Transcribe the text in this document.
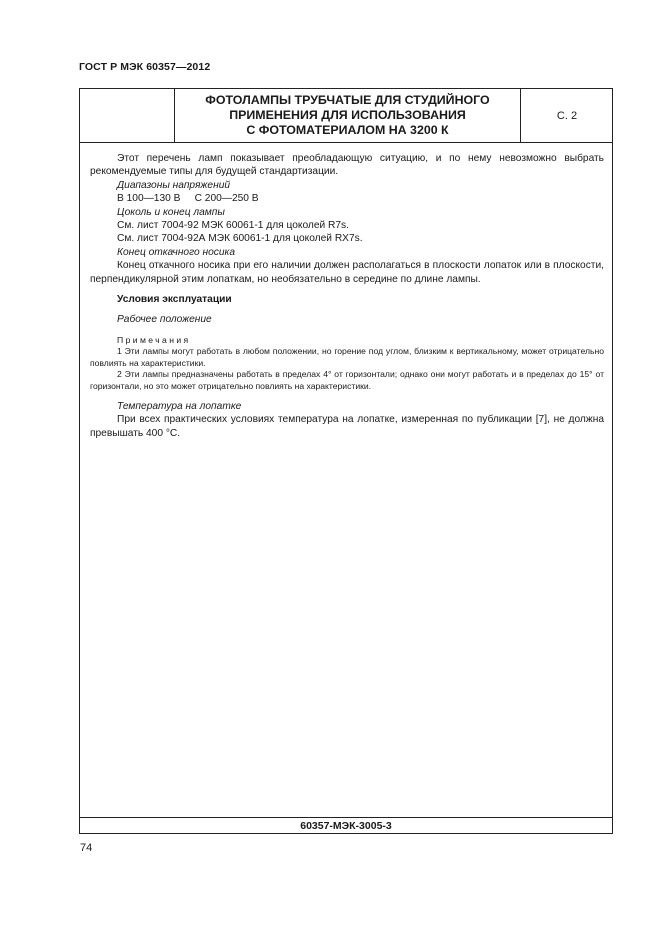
ГОСТ Р МЭК 60357—2012
ФОТОЛАМПЫ ТРУБЧАТЫЕ ДЛЯ СТУДИЙНОГО
ПРИМЕНЕНИЯ ДЛЯ ИСПОЛЬЗОВАНИЯ
С ФОТОМАТЕРИАЛОМ НА 3200 К
С. 2

Этот перечень ламп показывает преобладающую ситуацию, и по нему невозможно выбрать рекомендуемые типы для будущей стандартизации.

Диапазоны напряжений

В 100—130 В     С 200—250 В

Цоколь и конец лампы

См. лист 7004-92 МЭК 60061-1 для цоколей R7s.

См. лист 7004-92А МЭК 60061-1 для цоколей RX7s.

Конец откачного носика

Конец откачного носика при его наличии должен располагаться в плоскости лопаток или в плоскости, перпендикулярной этим лопаткам, но необязательно в середине по длине лампы.

Условия эксплуатации

Рабочее положение

Примечания

1 Эти лампы могут работать в любом положении, но горение под углом, близким к вертикальному, может отрицательно повлиять на характеристики.

2 Эти лампы предназначены работать в пределах 4° от горизонтали; однако они могут работать и в пределах до 15° от горизонтали, но это может отрицательно повлиять на характеристики.

Температура на лопатке

При всех практических условиях температура на лопатке, измеренная по публикации [7], не должна превышать 400 °С.

60357-МЭК-3005-3
74
